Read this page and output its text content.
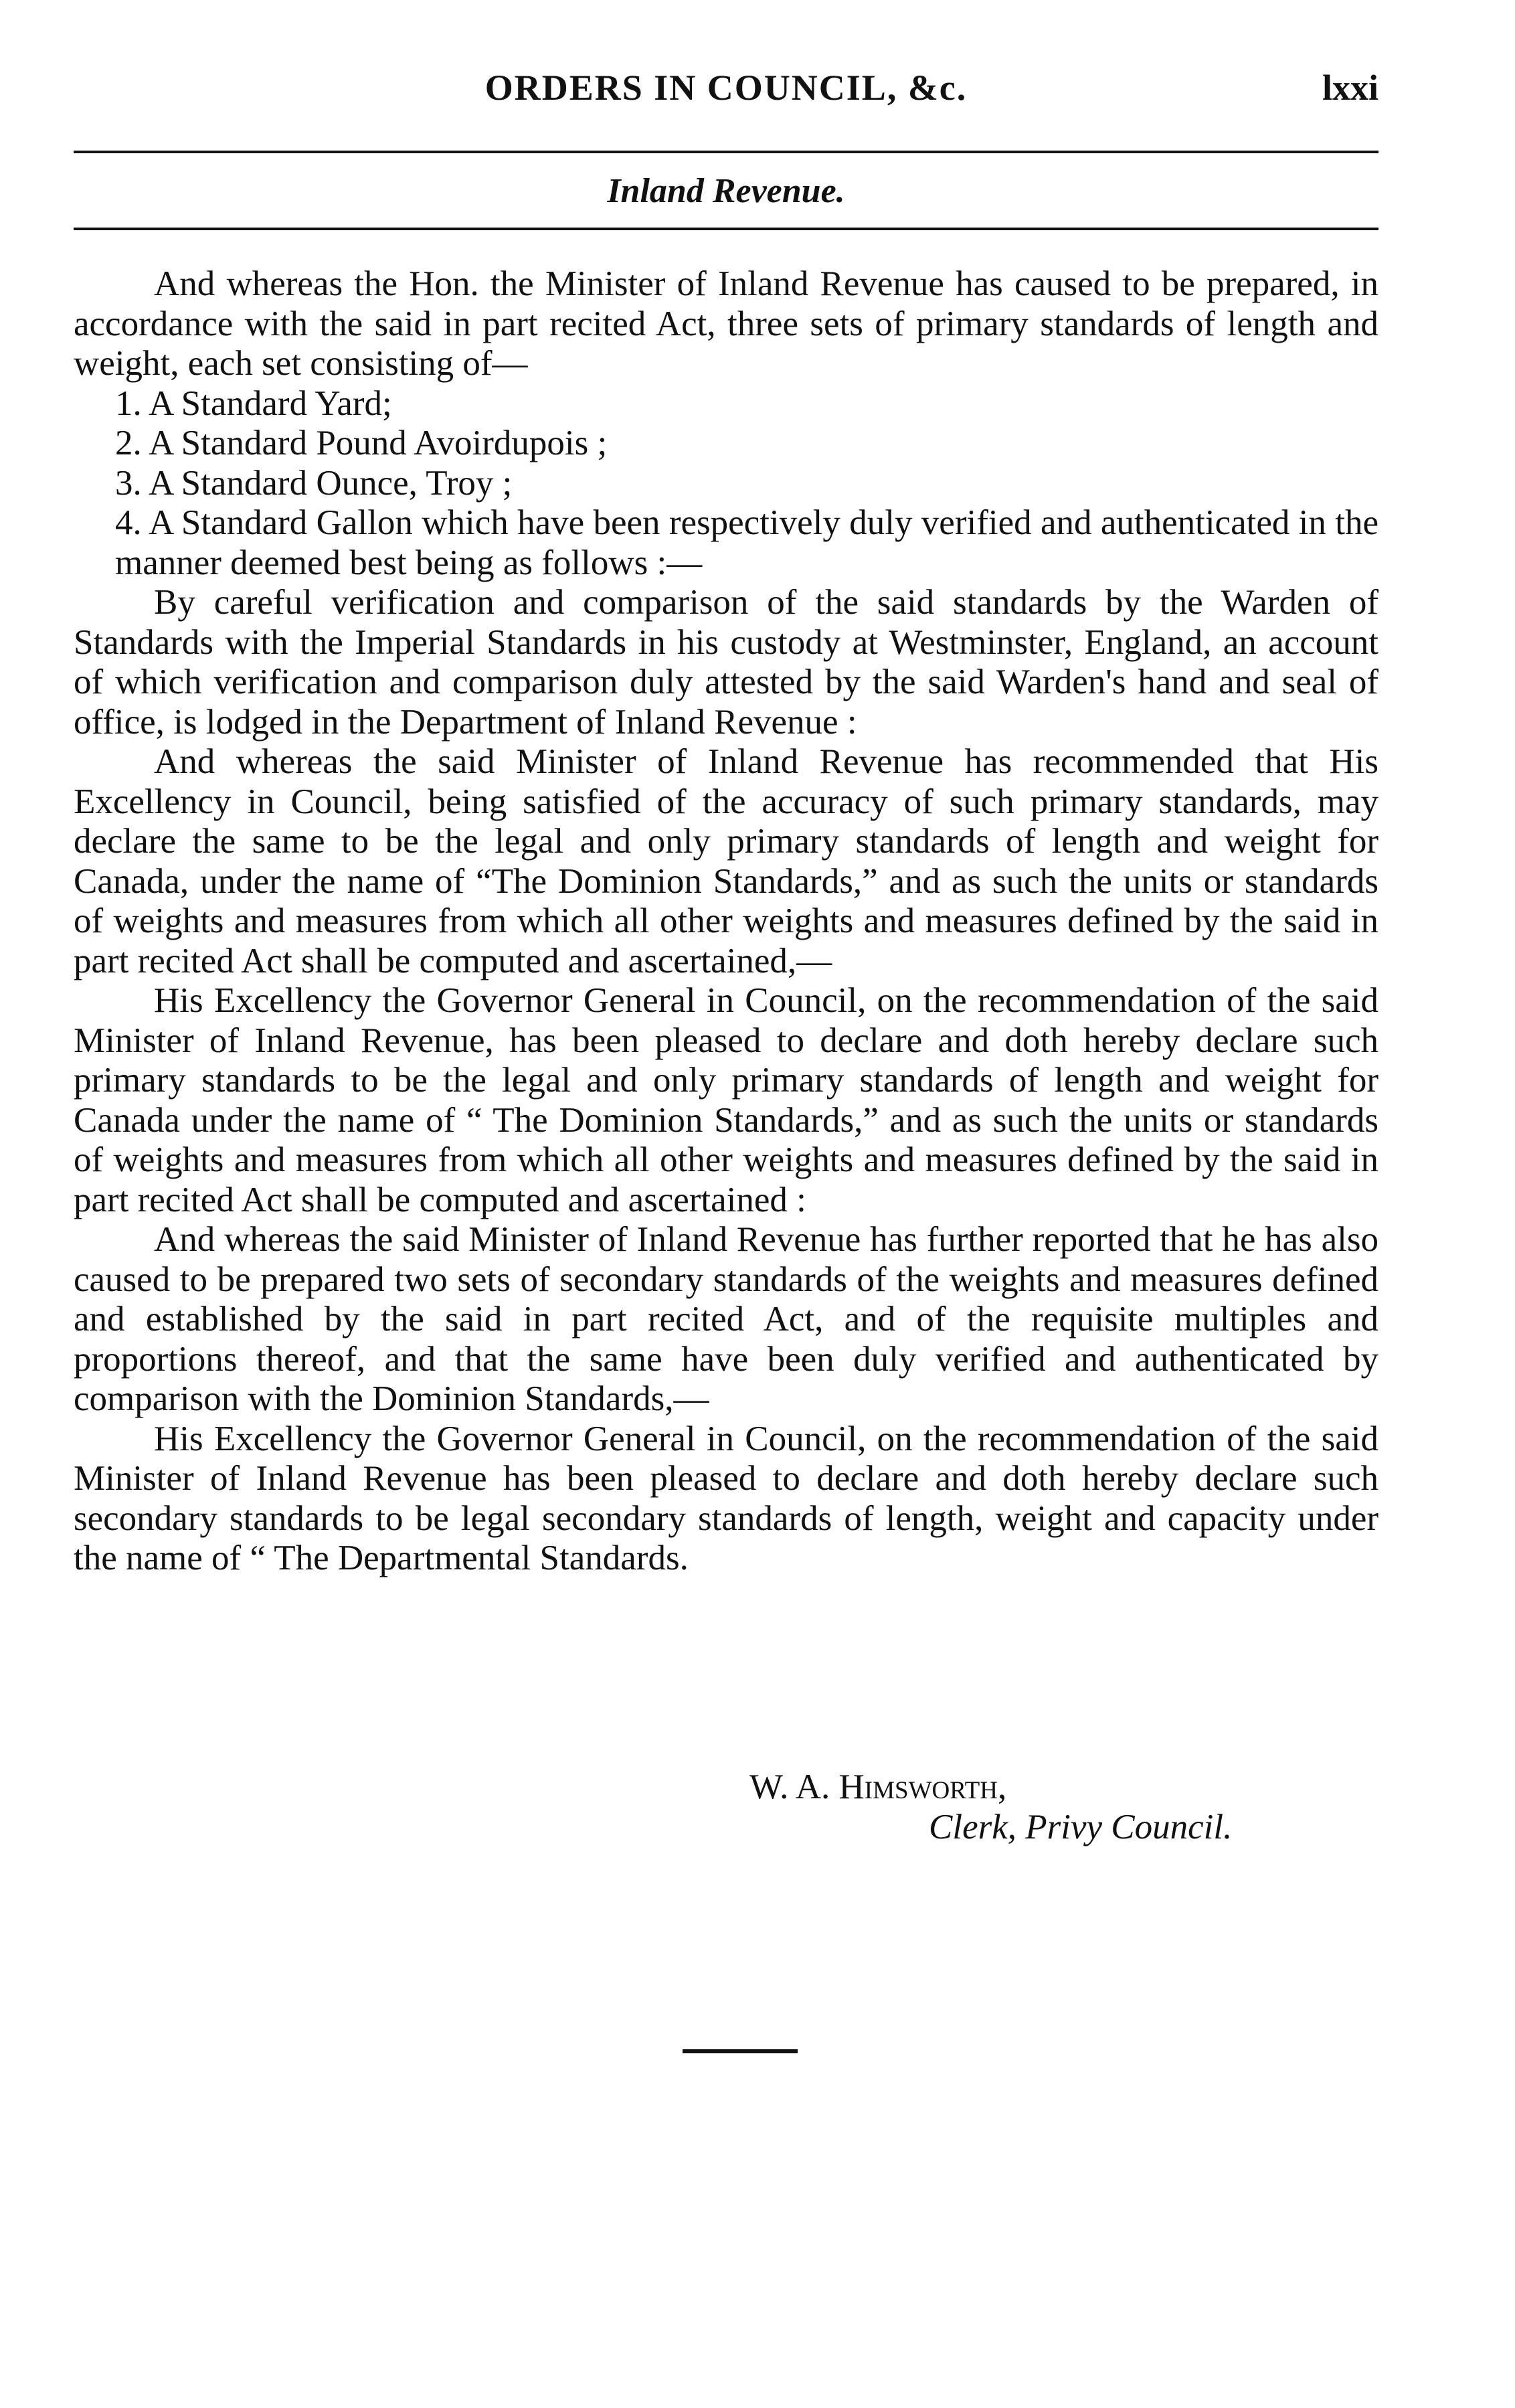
ORDERS IN COUNCIL, &c.	lxxi
Inland Revenue.

And whereas the Hon. the Minister of Inland Revenue has caused to be prepared, in accordance with the said in part recited Act, three sets of primary standards of length and weight, each set consisting of—

1. A Standard Yard;

2. A Standard Pound Avoirdupois ;

3. A Standard Ounce, Troy ;

4. A Standard Gallon which have been respectively duly verified and authenticated in the manner deemed best being as follows :—

By careful verification and comparison of the said standards by the Warden of Standards with the Imperial Standards in his custody at Westminster, England, an account of which verification and comparison duly attested by the said Warden's hand and seal of office, is lodged in the Department of Inland Revenue :

And whereas the said Minister of Inland Revenue has recommended that His Excellency in Council, being satisfied of the accuracy of such primary standards, may declare the same to be the legal and only primary standards of length and weight for Canada, under the name of “The Dominion Standards,” and as such the units or standards of weights and measures from which all other weights and measures defined by the said in part recited Act shall be computed and ascertained,—

His Excellency the Governor General in Council, on the recommendation of the said Minister of Inland Revenue, has been pleased to declare and doth hereby declare such primary standards to be the legal and only primary standards of length and weight for Canada under the name of “ The Dominion Standards,” and as such the units or standards of weights and measures from which all other weights and measures defined by the said in part recited Act shall be computed and ascertained :

And whereas the said Minister of Inland Revenue has further reported that he has also caused to be prepared two sets of secondary standards of the weights and measures defined and established by the said in part recited Act, and of the requisite multiples and proportions thereof, and that the same have been duly verified and authenticated by comparison with the Dominion Standards,—

His Excellency the Governor General in Council, on the recommendation of the said Minister of Inland Revenue has been pleased to declare and doth hereby declare such secondary standards to be legal secondary standards of length, weight and capacity under the name of “ The Departmental Standards.

W. A. Himsworth,
Clerk, Privy Council.
